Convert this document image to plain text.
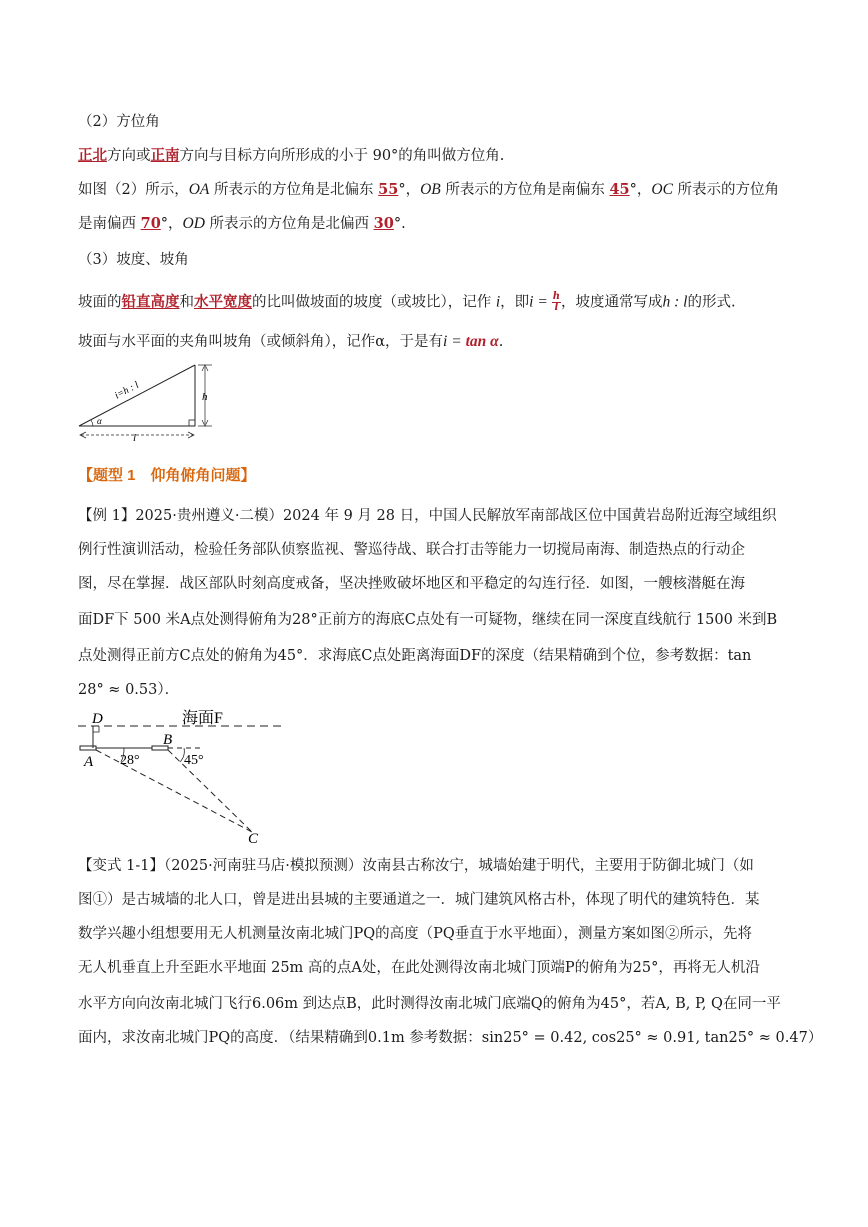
（2）方位角
正北方向或正南方向与目标方向所形成的小于 90°的角叫做方位角.
如图（2）所示，OA 所表示的方位角是北偏东 55°，OB 所表示的方位角是南偏东 45°，OC 所表示的方位角
是南偏西 70°，OD 所表示的方位角是北偏西 30°.
（3）坡度、坡角
坡面的铅直高度和水平宽度的比叫做坡面的坡度（或坡比），记作 i，即$i = \frac{h}{l}$ ，坡度通常写成h : l的形式.
坡面与水平面的夹角叫坡角（或倾斜角），记作α，于是有i = tan α.
i=h : l	h
l
α
【题型 1　仰角俯角问题】
【例 1】2025·贵州遵义·二模）2024 年 9 月 28 日，中国人民解放军南部战区位中国黄岩岛附近海空域组织
例行性演训活动，检验任务部队侦察监视、警巡待战、联合打击等能力一切搅局南海、制造热点的行动企
图，尽在掌握．战区部队时刻高度戒备，坚决挫败破坏地区和平稳定的勾连行径．如图，一艘核潜艇在海
面DF下 500 米A点处测得俯角为28°正前方的海底C点处有一可疑物，继续在同一深度直线航行 1500 米到B
点处测得正前方C点处的俯角为45°．求海底C点处距离海面DF的深度（结果精确到个位，参考数据：tan
28° ≈ 0.53）．
D	海面F
A
B
C
28°	45°
【变式 1-1】（2025·河南驻马店·模拟预测）汝南县古称汝宁，城墙始建于明代，主要用于防御北城门（如
图①）是古城墙的北人口，曾是进出县城的主要通道之一．城门建筑风格古朴，体现了明代的建筑特色．某
数学兴趣小组想要用无人机测量汝南北城门PQ的高度（PQ垂直于水平地面），测量方案如图②所示，先将
无人机垂直上升至距水平地面 25m 高的点A处，在此处测得汝南北城门顶端P的俯角为25°，再将无人机沿
水平方向向汝南北城门飞行6.06m 到达点B，此时测得汝南北城门底端Q的俯角为45°，若A, B, P, Q在同一平
面内，求汝南北城门PQ的高度．（结果精确到0.1m 参考数据：sin25° = 0.42, cos25° ≈ 0.91, tan25° ≈ 0.47）
